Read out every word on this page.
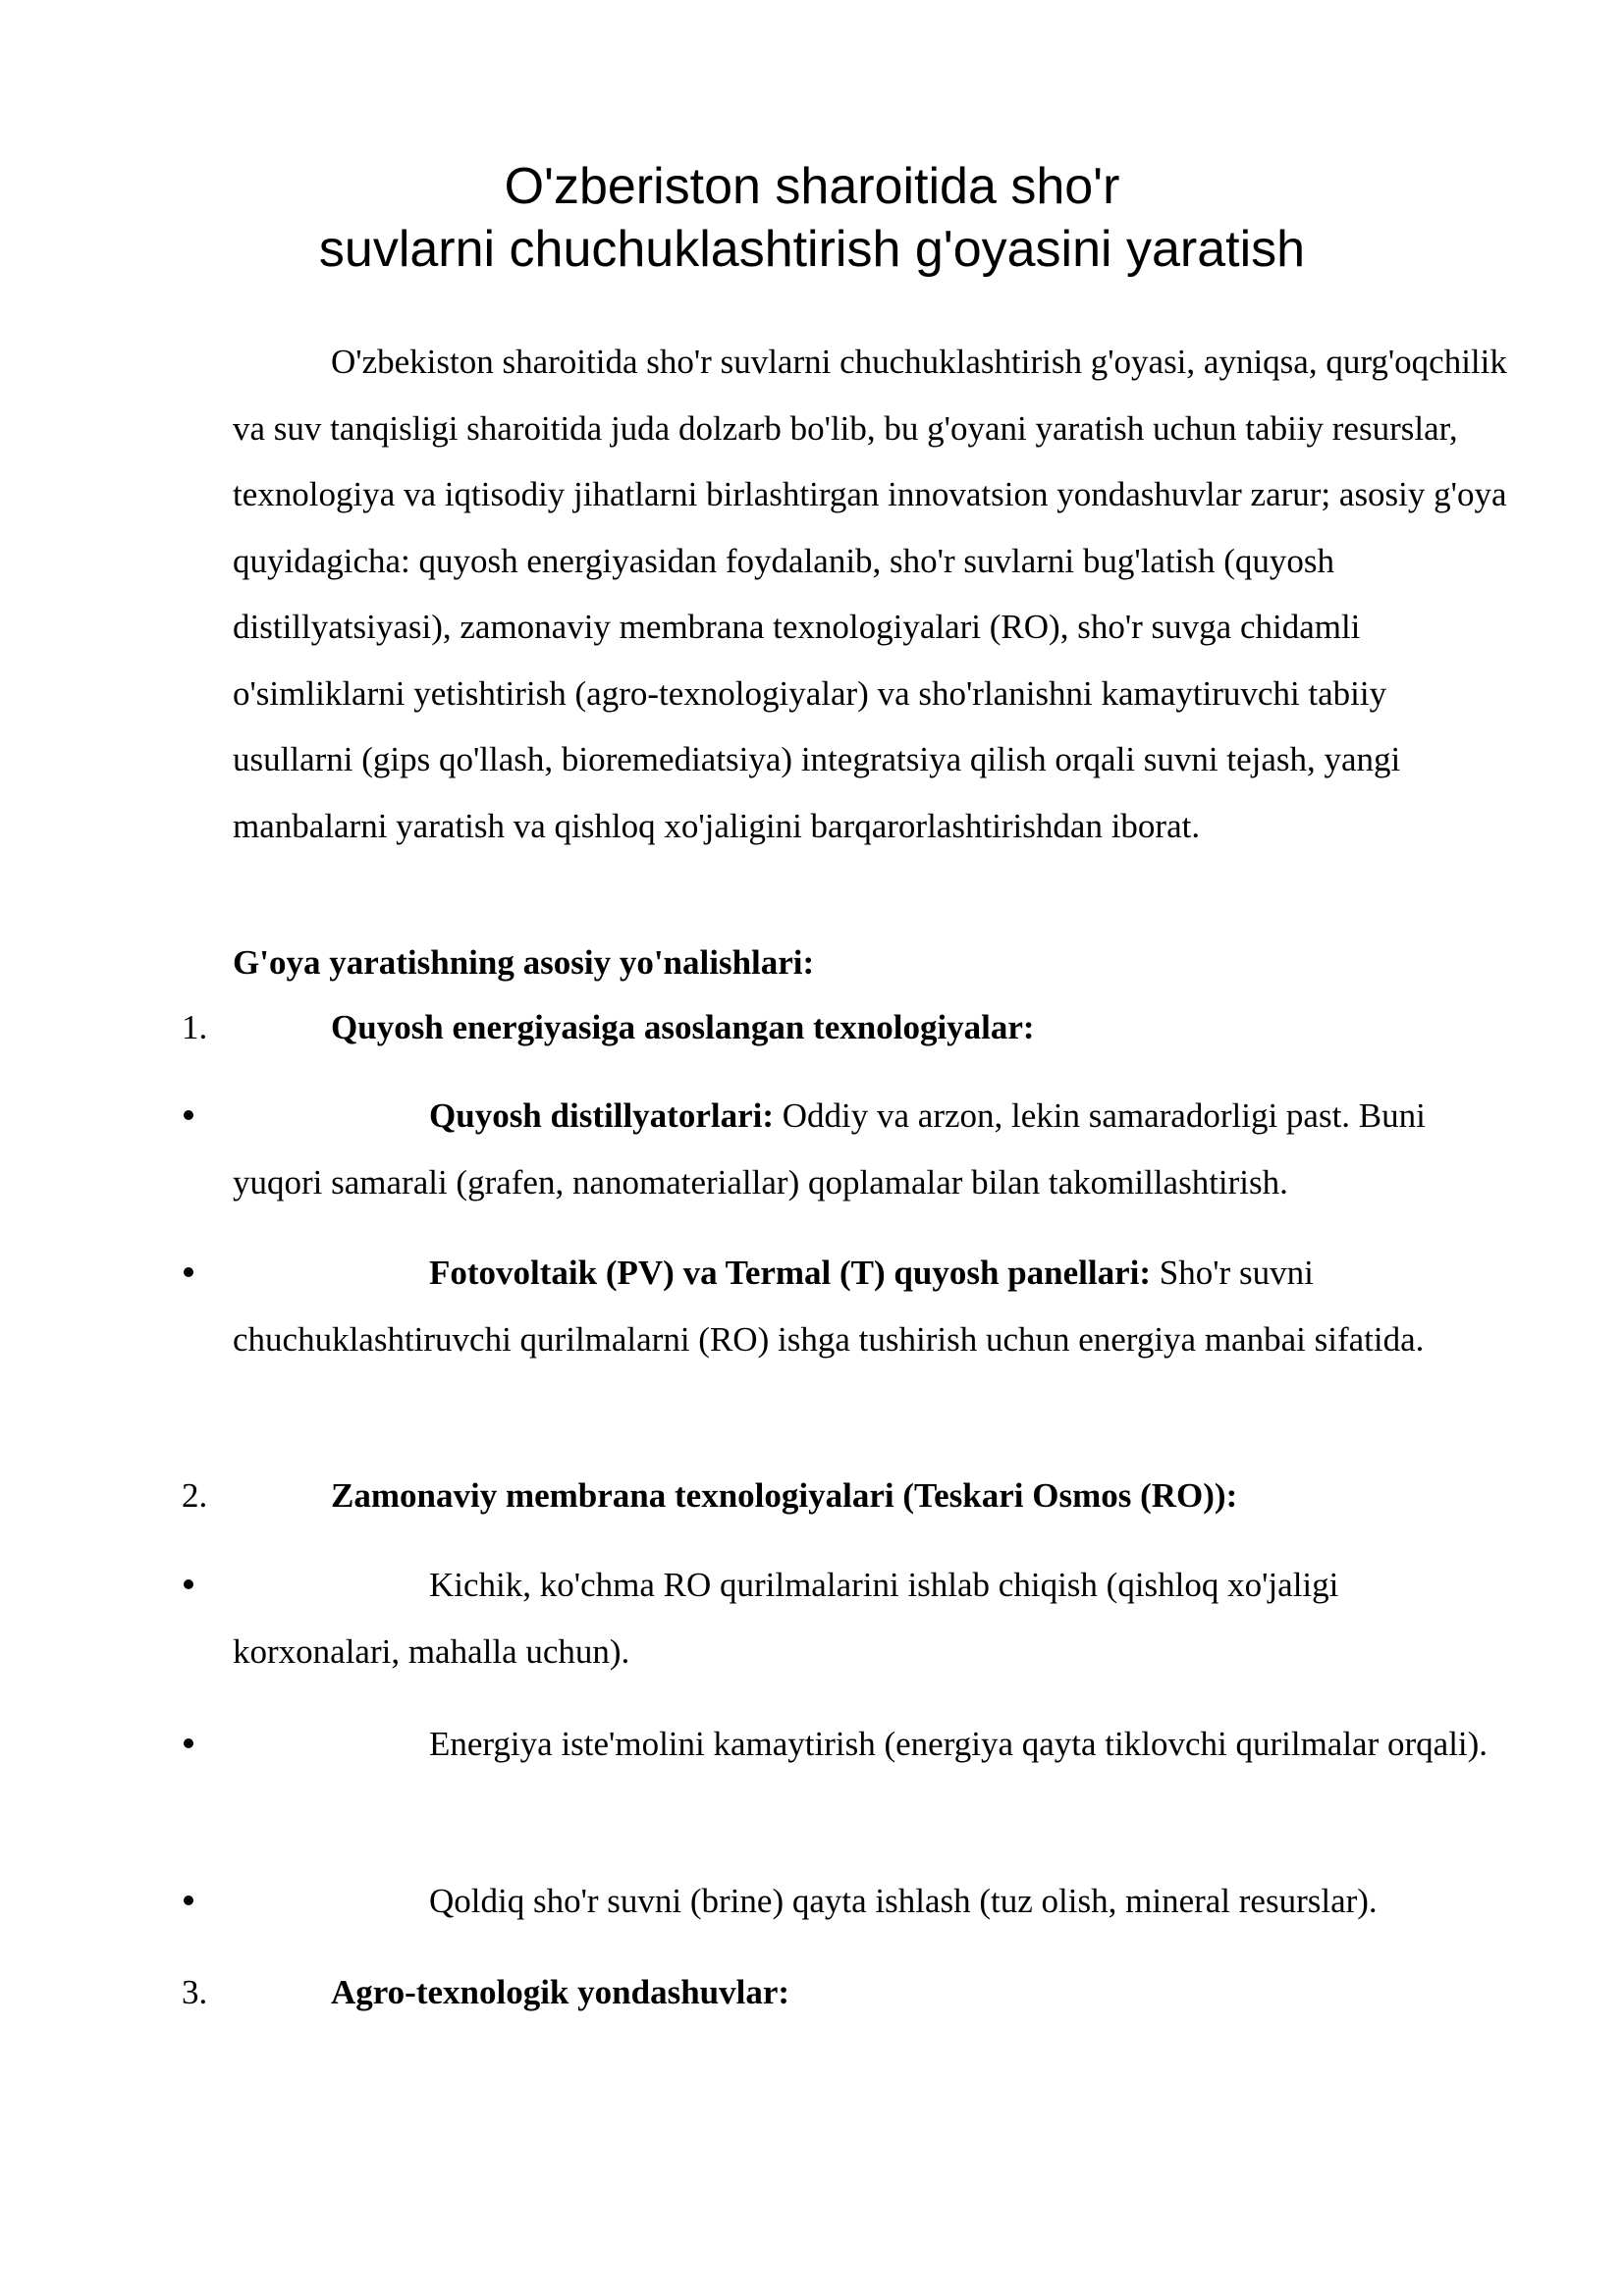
O'zberiston sharoitida sho'r
suvlarni chuchuklashtirish g'oyasini yaratish

O'zbekiston sharoitida sho'r suvlarni chuchuklashtirish g'oyasi, ayniqsa, qurg'oqchilik va suv tanqisligi sharoitida juda dolzarb bo'lib, bu g'oyani yaratish uchun tabiiy resurslar, texnologiya va iqtisodiy jihatlarni birlashtirgan innovatsion yondashuvlar zarur; asosiy g'oya quyidagicha: quyosh energiyasidan foydalanib, sho'r suvlarni bug'latish (quyosh distillyatsiyasi), zamonaviy membrana texnologiyalari (RO), sho'r suvga chidamli o'simliklarni yetishtirish (agro-texnologiyalar) va sho'rlanishni kamaytiruvchi tabiiy usullarni (gips qo'llash, bioremediatsiya) integratsiya qilish orqali suvni tejash, yangi manbalarni yaratish va qishloq xo'jaligini barqarorlashtirishdan iborat.

G'oya yaratishning asosiy yo'nalishlari:
1.	Quyosh energiyasiga asoslangan texnologiyalar:

Quyosh distillyatorlari: Oddiy va arzon, lekin samaradorligi past. Buni yuqori samarali (grafen, nanomateriallar) qoplamalar bilan takomillashtirish.

Fotovoltaik (PV) va Termal (T) quyosh panellari: Sho'r suvni chuchuklashtiruvchi qurilmalarni (RO) ishga tushirish uchun energiya manbai sifatida.

2.	Zamonaviy membrana texnologiyalari (Teskari Osmos (RO)):

Kichik, ko'chma RO qurilmalarini ishlab chiqish (qishloq xo'jaligi korxonalari, mahalla uchun).

Energiya iste'molini kamaytirish (energiya qayta tiklovchi qurilmalar orqali).

Qoldiq sho'r suvni (brine) qayta ishlash (tuz olish, mineral resurslar).

3.	Agro-texnologik yondashuvlar:
